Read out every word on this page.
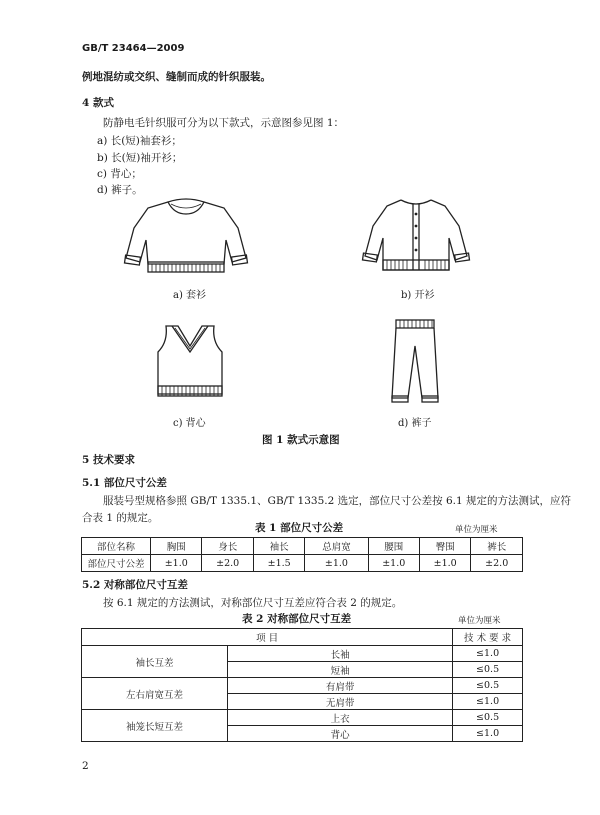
GB/T 23464—2009
例地混纺或交织、缝制而成的针织服装。
4 款式
防静电毛针织服可分为以下款式，示意图参见图 1：
a) 长(短)袖套衫；
b) 长(短)袖开衫；
c) 背心；
d) 裤子。
a) 套衫	b) 开衫
c) 背心	d) 裤子
图 1 款式示意图
5 技术要求
5.1 部位尺寸公差
服装号型规格参照 GB/T 1335.1、GB/T 1335.2 选定，部位尺寸公差按 6.1 规定的方法测试，应符
合表 1 的规定。
表 1 部位尺寸公差	单位为厘米
部位名称	胸围	身长	袖长	总肩宽	腰围	臀围	裤长
部位尺寸公差	±1.0	±2.0	±1.5	±1.0	±1.0	±1.0	±2.0
5.2 对称部位尺寸互差
按 6.1 规定的方法测试，对称部位尺寸互差应符合表 2 的规定。
表 2 对称部位尺寸互差	单位为厘米
项 目		技 术 要 求
袖长互差	长袖	≤1.0
	短袖	≤0.5
左右肩宽互差	有肩带	≤0.5
	无肩带	≤1.0
袖笼长短互差	上衣	≤0.5
	背心	≤1.0
2
